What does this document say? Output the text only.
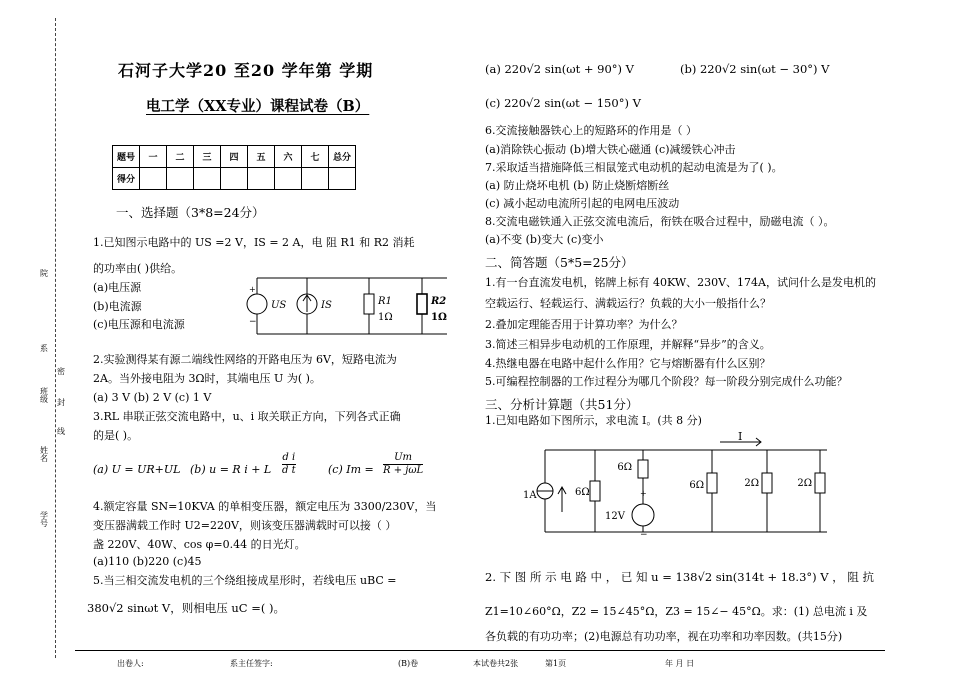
院
系
密
班级 封
线
姓名
学号
石河子大学20 至20 学年第 学期
电工学（XX专业）课程试卷（B）
题号	一	二	三	四	五	六	七	总分
得分								
一、选择题（3*8=24分）
1.已知图示电路中的 US =2 V，IS = 2 A，电 阻 R1 和 R2 消耗
的功率由( )供给。
(a)电压源
(b)电流源
(c)电压源和电流源
+
−
US	IS	R1
1Ω
R2
1Ω
2.实验测得某有源二端线性网络的开路电压为 6V，短路电流为
2A。当外接电阻为 3Ω时，其端电压 U 为( )。
(a) 3 V (b) 2 V (c) 1 V
3.RL 串联正弦交流电路中，u、i 取关联正方向，下列各式正确
的是( )。
(a) U = UR+UL (b) u = R i + L $\frac{\text{d i}}{\text{d t}}$	(c) Im =
Um
R + jωL
4.额定容量 SN=10KVA 的单相变压器，额定电压为 3300/230V，当
变压器满载工作时 U2=220V，则该变压器满载时可以接（ ）
盏 220V、40W、cos φ=0.44 的日光灯。
(a)110 (b)220 (c)45
5.当三相交流发电机的三个绕组接成星形时，若线电压 uBC =
380√2 sinωt V，则相电压 uC =( )。
(a) 220√2 sin(ωt + 90°) V	(b) 220√2 sin(ωt − 30°) V
(c) 220√2 sin(ωt − 150°) V
6.交流接触器铁心上的短路环的作用是（ ）
(a)消除铁心振动 (b)增大铁心磁通 (c)减缓铁心冲击
7.采取适当措施降低三相鼠笼式电动机的起动电流是为了( )。
(a) 防止烧坏电机 (b) 防止烧断熔断丝
(c) 减小起动电流所引起的电网电压波动
8.交流电磁铁通入正弦交流电流后，衔铁在吸合过程中，励磁电流（ ）。
(a)不变 (b)变大 (c)变小
二、简答题（5*5=25分）
1.有一台直流发电机，铭牌上标有 40KW、230V、174A，试问什么是发电机的
空载运行、轻载运行、满载运行？负载的大小一般指什么？
2.叠加定理能否用于计算功率？为什么？
3.简述三相异步电动机的工作原理，并解释“异步”的含义。
4.热继电器在电路中起什么作用？它与熔断器有什么区别？
5.可编程控制器的工作过程分为哪几个阶段？每一阶段分别完成什么功能？
三、分析计算题（共51分）
1.已知电路如下图所示，求电流 I。(共 8 分)
I
1A	6Ω
6Ω
+
12V
−
6Ω	2Ω	2Ω
2. 下 图 所 示 电 路 中 ， 已 知 u = 138√2 sin(314t + 18.3°) V ， 阻 抗
Z1=10∠60°Ω，Z2 = 15∠45°Ω，Z3 = 15∠− 45°Ω。求：(1) 总电流 i 及
各负载的有功功率；(2)电源总有功功率，视在功率和功率因数。(共15分)
出卷人:	系主任签字:	(B)卷	本试卷共2张	第1页	年 月 日
